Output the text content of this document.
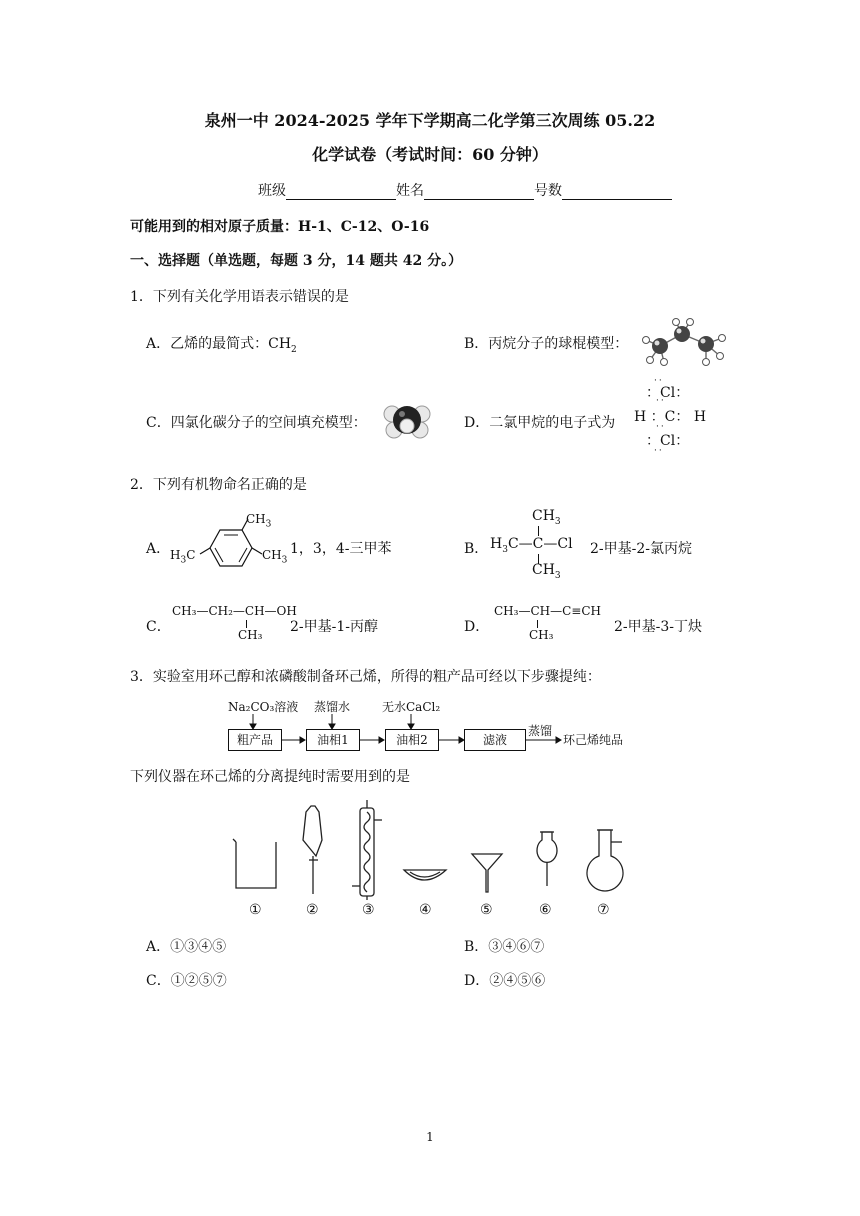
泉州一中 2024-2025 学年下学期高二化学第三次周练 05.22
化学试卷（考试时间：60 分钟）
班级	姓名	号数
可能用到的相对原子质量：H-1、C-12、O-16
一、选择题（单选题，每题 3 分，14 题共 42 分。）
1．下列有关化学用语表示错误的是
A．乙烯的最简式：$CH_2$	B．丙烷分子的球棍模型：
C．四氯化碳分子的空间填充模型：	D．二氯甲烷的电子式为
··
：Cl：
··
H ：C： H
··
：Cl：
··
2．下列有机物命名正确的是
A．
$CH_3$
$CH_3$
$H_3C$	1，3，4-三甲苯	B．
$CH_3$
$H_3C—C—Cl$
$CH_3$
2-甲基-2-氯丙烷
C．
CH₃—CH₂—CH—OH
CH₃ 2-甲基-1-丙醇	D．
CH₃—CH—C≡CH
CH₃	2-甲基-3-丁炔
3．实验室用环己醇和浓磷酸制备环己烯，所得的粗产品可经以下步骤提纯：
Na₂CO₃溶液 蒸馏水	无水CaCl₂
粗产品	油相1	油相2	滤液
蒸馏
环己烯纯品
下列仪器在环己烯的分离提纯时需要用到的是
①	②	③	④	⑤	⑥	⑦
A．①③④⑤	B．③④⑥⑦
C．①②⑤⑦	D．②④⑤⑥
1
